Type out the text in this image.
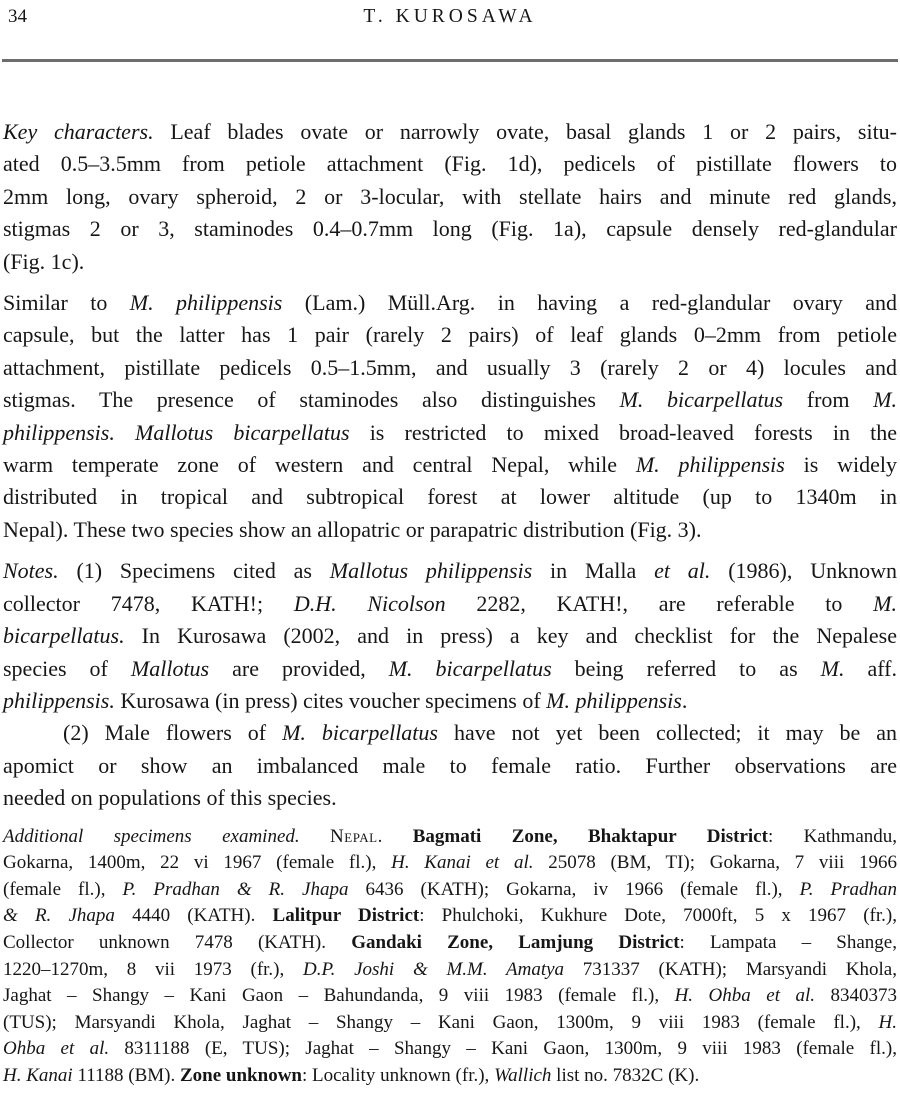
34	T. KUROSAWA
Key characters. Leaf blades ovate or narrowly ovate, basal glands 1 or 2 pairs, situ-
ated 0.5–3.5mm from petiole attachment (Fig. 1d), pedicels of pistillate flowers to
2mm long, ovary spheroid, 2 or 3-locular, with stellate hairs and minute red glands,
stigmas 2 or 3, staminodes 0.4–0.7mm long (Fig. 1a), capsule densely red-glandular
(Fig. 1c).
Similar to M. philippensis (Lam.) Müll.Arg. in having a red-glandular ovary and
capsule, but the latter has 1 pair (rarely 2 pairs) of leaf glands 0–2mm from petiole
attachment, pistillate pedicels 0.5–1.5mm, and usually 3 (rarely 2 or 4) locules and
stigmas. The presence of staminodes also distinguishes M. bicarpellatus from M.
philippensis. Mallotus bicarpellatus is restricted to mixed broad-leaved forests in the
warm temperate zone of western and central Nepal, while M. philippensis is widely
distributed in tropical and subtropical forest at lower altitude (up to 1340m in
Nepal). These two species show an allopatric or parapatric distribution (Fig. 3).
Notes. (1) Specimens cited as Mallotus philippensis in Malla et al. (1986), Unknown
collector 7478, KATH!; D.H. Nicolson 2282, KATH!, are referable to M.
bicarpellatus. In Kurosawa (2002, and in press) a key and checklist for the Nepalese
species of Mallotus are provided, M. bicarpellatus being referred to as M. aff.
philippensis. Kurosawa (in press) cites voucher specimens of M. philippensis.
(2) Male flowers of M. bicarpellatus have not yet been collected; it may be an
apomict or show an imbalanced male to female ratio. Further observations are
needed on populations of this species.
Additional specimens examined. Nepal. Bagmati Zone, Bhaktapur District: Kathmandu,
Gokarna, 1400m, 22 vi 1967 (female fl.), H. Kanai et al. 25078 (BM, TI); Gokarna, 7 viii 1966
(female fl.), P. Pradhan & R. Jhapa 6436 (KATH); Gokarna, iv 1966 (female fl.), P. Pradhan
& R. Jhapa 4440 (KATH). Lalitpur District: Phulchoki, Kukhure Dote, 7000ft, 5 x 1967 (fr.),
Collector unknown 7478 (KATH). Gandaki Zone, Lamjung District: Lampata – Shange,
1220–1270m, 8 vii 1973 (fr.), D.P. Joshi & M.M. Amatya 731337 (KATH); Marsyandi Khola,
Jaghat – Shangy – Kani Gaon – Bahundanda, 9 viii 1983 (female fl.), H. Ohba et al. 8340373
(TUS); Marsyandi Khola, Jaghat – Shangy – Kani Gaon, 1300m, 9 viii 1983 (female fl.), H.
Ohba et al. 8311188 (E, TUS); Jaghat – Shangy – Kani Gaon, 1300m, 9 viii 1983 (female fl.),
H. Kanai 11188 (BM). Zone unknown: Locality unknown (fr.), Wallich list no. 7832C (K).
